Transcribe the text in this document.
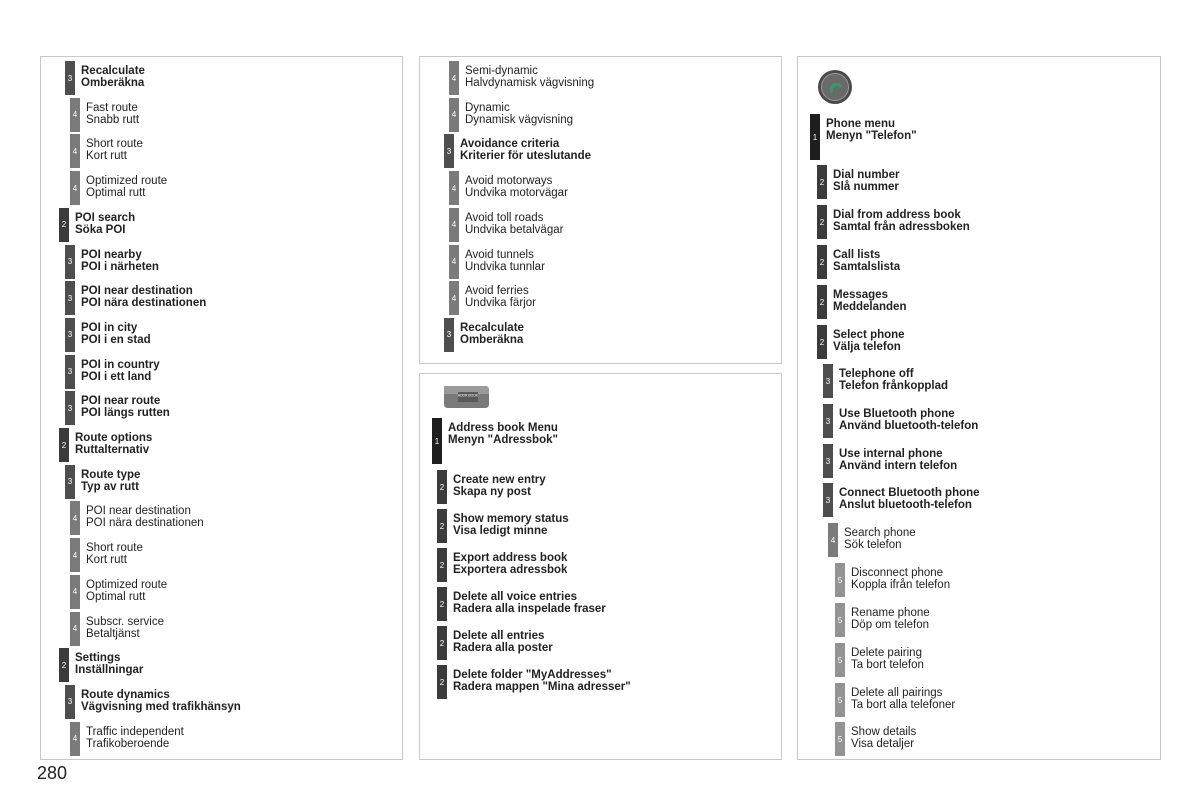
3
Recalculate
Omberäkna
4
Fast route
Snabb rutt
4
Short route
Kort rutt
4
Optimized route
Optimal rutt
2
POI search
Söka POI
3
POI nearby
POI i närheten
3
POI near destination
POI nära destinationen
3
POI in city
POI i en stad
3
POI in country
POI i ett land
3
POI near route
POI längs rutten
2
Route options
Ruttalternativ
3
Route type
Typ av rutt
4
POI near destination
POI nära destinationen
4
Short route
Kort rutt
4
Optimized route
Optimal rutt
4
Subscr. service
Betaltjänst
2
Settings
Inställningar
3
Route dynamics
Vägvisning med trafikhänsyn
4
Traffic independent
Trafikoberoende
4
Semi-dynamic
Halvdynamisk vägvisning
4
Dynamic
Dynamisk vägvisning
3
Avoidance criteria
Kriterier för uteslutande
4
Avoid motorways
Undvika motorvägar
4
Avoid toll roads
Undvika betalvägar
4
Avoid tunnels
Undvika tunnlar
4
Avoid ferries
Undvika färjor
3
Recalculate
Omberäkna
ADDR BOOK
1
Address book Menu
Menyn "Adressbok"
2
Create new entry
Skapa ny post
2
Show memory status
Visa ledigt minne
2
Export address book
Exportera adressbok
2
Delete all voice entries
Radera alla inspelade fraser
2
Delete all entries
Radera alla poster
2
Delete folder "MyAddresses"
Radera mappen "Mina adresser"
1
Phone menu
Menyn "Telefon"
2
Dial number
Slå nummer
2
Dial from address book
Samtal från adressboken
2
Call lists
Samtalslista
2
Messages
Meddelanden
2
Select phone
Välja telefon
3
Telephone off
Telefon frånkopplad
3
Use Bluetooth phone
Använd bluetooth-telefon
3
Use internal phone
Använd intern telefon
3
Connect Bluetooth phone
Anslut bluetooth-telefon
4
Search phone
Sök telefon
5
Disconnect phone
Koppla ifrån telefon
5
Rename phone
Döp om telefon
5
Delete pairing
Ta bort telefon
5
Delete all pairings
Ta bort alla telefoner
5
Show details
Visa detaljer
280
